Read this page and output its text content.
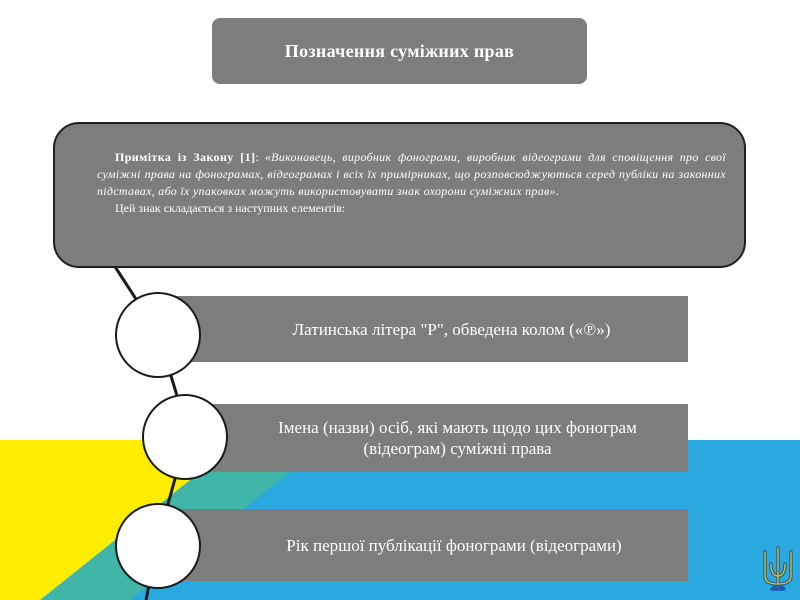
Позначення суміжних прав

Примітка із Закону [1]: «Виконавець, виробник фонограми, виробник відеограми для сповіщення про свої суміжні права на фонограмах, відеограмах і всіх їх примірниках, що розповсюджуються серед публіки на законних підставах, або їх упаковках можуть використовувати знак охорони суміжних прав».

Цей знак складається з наступних елементів:

Латинська літера "P", обведена колом («℗»)
Імена (назви) осіб, які мають щодо цих фонограм (відеограм) суміжні права
Рік першої публікації фонограми (відеограми)
